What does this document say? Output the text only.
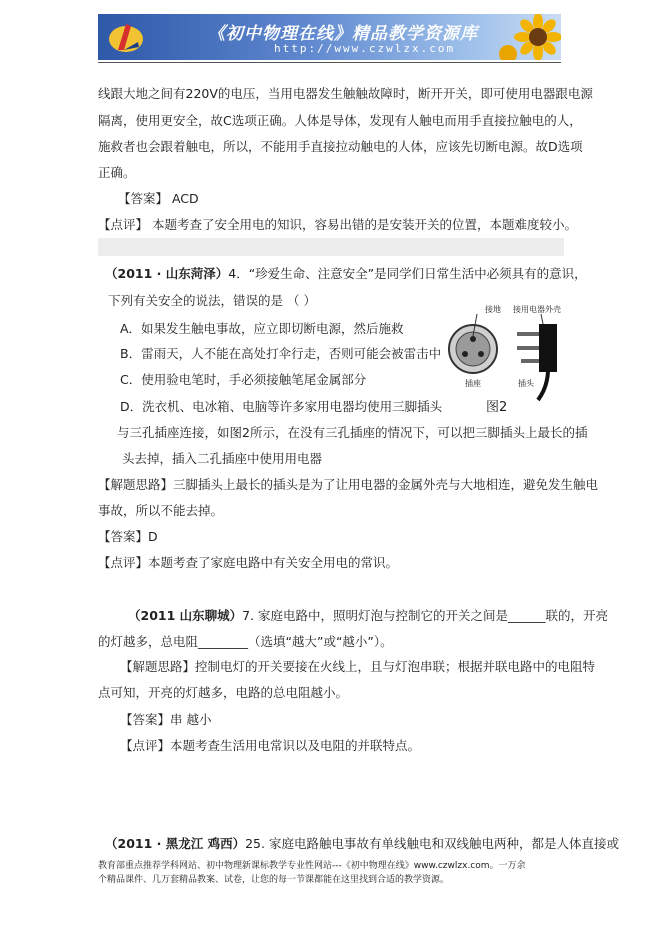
《初中物理在线》精品教学资源库
http://www.czwlzx.com
线跟大地之间有220V的电压，当用电器发生触触故障时，断开开关，即可使用电器跟电源
隔离，使用更安全，故C选项正确。人体是导体，发现有人触电而用手直接拉触电的人，
施救者也会跟着触电，所以，不能用手直接拉动触电的人体，应该先切断电源。故D选项
正确。
【答案】 ACD
【点评】 本题考查了安全用电的知识，容易出错的是安装开关的位置，本题难度较小。
（2011 · 山东菏泽）4．“珍爱生命、注意安全”是同学们日常生活中必须具有的意识，
下列有关安全的说法，错误的是 （ ）
A．如果发生触电事故，应立即切断电源，然后施救
B．雷雨天，人不能在高处打伞行走，否则可能会被雷击中
C．使用验电笔时，手必须接触笔尾金属部分
D．洗衣机、电冰箱、电脑等许多家用电器均使用三脚插头
与三孔插座连接，如图2所示，在没有三孔插座的情况下，可以把三脚插头上最长的插
头去掉，插入二孔插座中使用用电器
接地 接用电器外壳
插座	插头
图2
【解题思路】三脚插头上最长的插头是为了让用电器的金属外壳与大地相连，避免发生触电
事故，所以不能去掉。
【答案】D
【点评】本题考查了家庭电路中有关安全用电的常识。
（2011 山东聊城）7. 家庭电路中，照明灯泡与控制它的开关之间是______联的，开亮
的灯越多，总电阻________（选填“越大”或“越小”）。
【解题思路】控制电灯的开关要接在火线上，且与灯泡串联；根据并联电路中的电阻特
点可知，开亮的灯越多，电路的总电阻越小。
【答案】串 越小
【点评】本题考查生活用电常识以及电阻的并联特点。
（2011 · 黑龙江 鸡西）25. 家庭电路触电事故有单线触电和双线触电两种，都是人体直接或
教育部重点推荐学科网站、初中物理新课标教学专业性网站---《初中物理在线》www.czwlzx.com。一万余
个精品课件、几万套精品教案、试卷，让您的每一节课都能在这里找到合适的教学资源。
